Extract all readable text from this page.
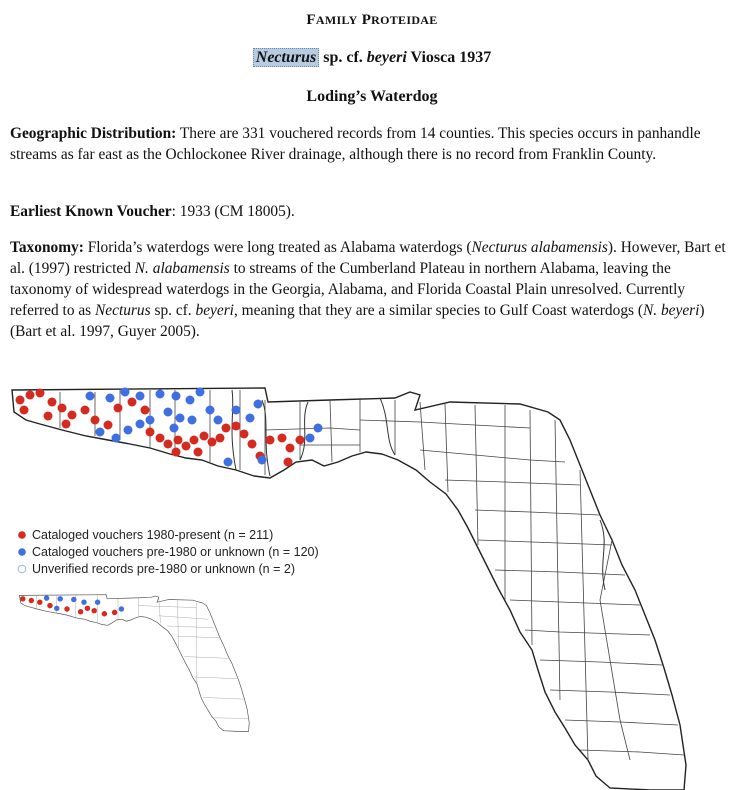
FAMILY PROTEIDAE
Necturus sp. cf. beyeri Viosca 1937
Loding’s Waterdog

Geographic Distribution: There are 331 vouchered records from 14 counties. This species occurs in panhandle streams as far east as the Ochlockonee River drainage, although there is no record from Franklin County.

Earliest Known Voucher: 1933 (CM 18005).

Taxonomy: Florida’s waterdogs were long treated as Alabama waterdogs (Necturus alabamensis). However, Bart et al. (1997) restricted N. alabamensis to streams of the Cumberland Plateau in northern Alabama, leaving the taxonomy of widespread waterdogs in the Georgia, Alabama, and Florida Coastal Plain unresolved. Currently referred to as Necturus sp. cf. beyeri, meaning that they are a similar species to Gulf Coast waterdogs (N. beyeri) (Bart et al. 1997, Guyer 2005).

Cataloged vouchers 1980-present (n = 211)
Cataloged vouchers pre-1980 or unknown (n = 120)
Unverified records pre-1980 or unknown (n = 2)
